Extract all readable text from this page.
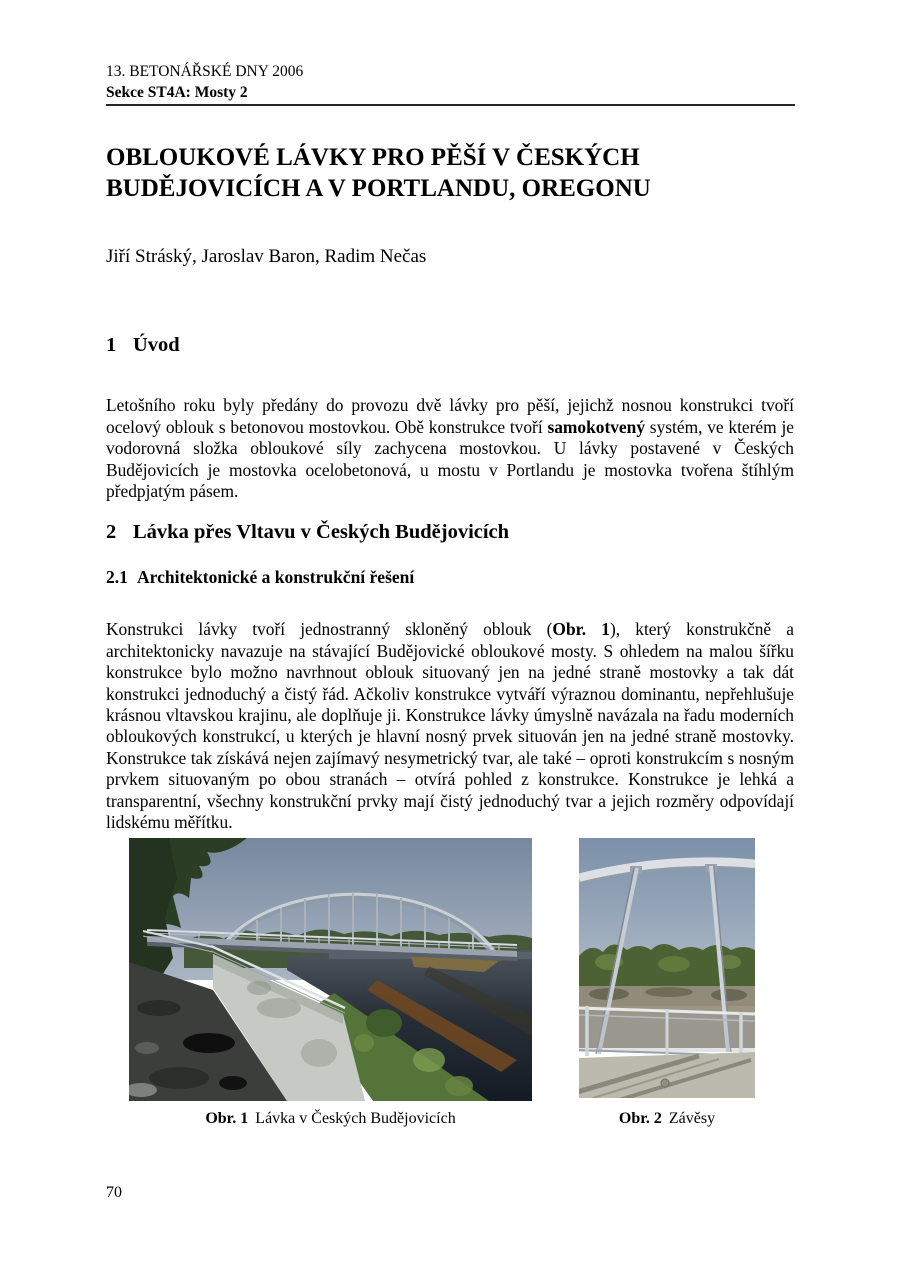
13. BETONÁŘSKÉ DNY 2006
Sekce ST4A: Mosty 2
OBLOUKOVÉ LÁVKY PRO PĚŠÍ V ČESKÝCH BUDĚJOVICÍCH A V PORTLANDU, OREGONU
Jiří Stráský, Jaroslav Baron, Radim Nečas
1 Úvod

Letošního roku byly předány do provozu dvě lávky pro pěší, jejichž nosnou konstrukci tvoří ocelový oblouk s betonovou mostovkou. Obě konstrukce tvoří samokotvený systém, ve kterém je vodorovná složka obloukové síly zachycena mostovkou. U lávky postavené v Českých Budějovicích je mostovka ocelobetonová, u mostu v Portlandu je mostovka tvořena štíhlým předpjatým pásem.

2 Lávka přes Vltavu v Českých Budějovicích
2.1 Architektonické a konstrukční řešení

Konstrukci lávky tvoří jednostranný skloněný oblouk (Obr. 1), který konstrukčně a architektonicky navazuje na stávající Budějovické obloukové mosty. S ohledem na malou šířku konstrukce bylo možno navrhnout oblouk situovaný jen na jedné straně mostovky a tak dát konstrukci jednoduchý a čistý řád. Ačkoliv konstrukce vytváří výraznou dominantu, nepřehlušuje krásnou vltavskou krajinu, ale doplňuje ji. Konstrukce lávky úmyslně navázala na řadu moderních obloukových konstrukcí, u kterých je hlavní nosný prvek situován jen na jedné straně mostovky. Konstrukce tak získává nejen zajímavý nesymetrický tvar, ale také – oproti konstrukcím s nosným prvkem situovaným po obou stranách – otvírá pohled z konstrukce. Konstrukce je lehká a transparentní, všechny konstrukční prvky mají čistý jednoduchý tvar a jejich rozměry odpovídají lidskému měřítku.

Obr. 1 Lávka v Českých Budějovicích	Obr. 2 Závěsy
70
